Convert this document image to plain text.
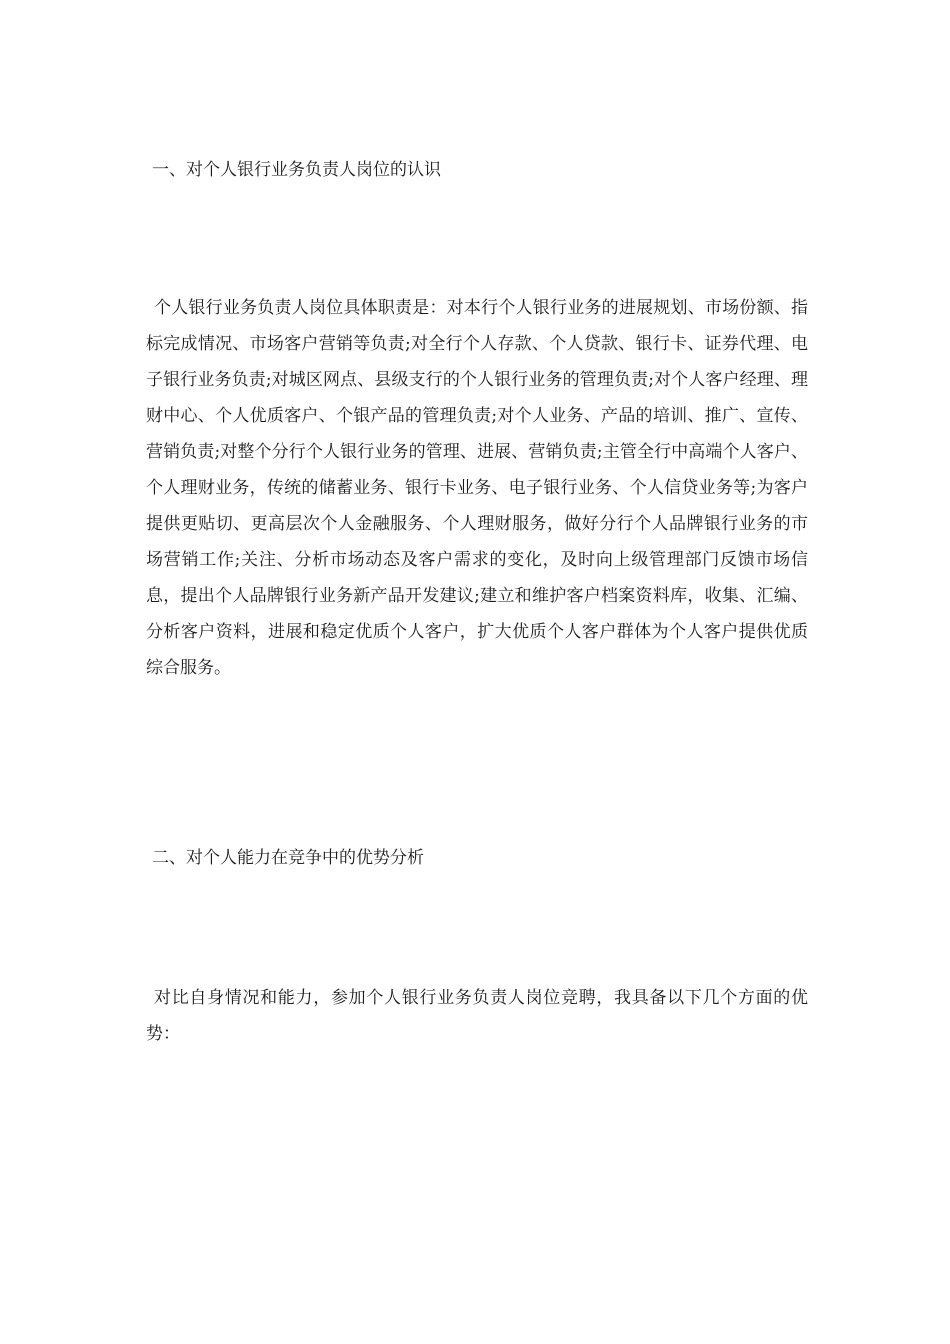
一、对个人银行业务负责人岗位的认识
个人银行业务负责人岗位具体职责是：对本行个人银行业务的进展规划、市场份额、指标完成情况、市场客户营销等负责;对全行个人存款、个人贷款、银行卡、证券代理、电子银行业务负责;对城区网点、县级支行的个人银行业务的管理负责;对个人客户经理、理财中心、个人优质客户、个银产品的管理负责;对个人业务、产品的培训、推广、宣传、营销负责;对整个分行个人银行业务的管理、进展、营销负责;主管全行中高端个人客户、个人理财业务，传统的储蓄业务、银行卡业务、电子银行业务、个人信贷业务等;为客户提供更贴切、更高层次个人金融服务、个人理财服务，做好分行个人品牌银行业务的市场营销工作;关注、分析市场动态及客户需求的变化，及时向上级管理部门反馈市场信息，提出个人品牌银行业务新产品开发建议;建立和维护客户档案资料库，收集、汇编、分析客户资料，进展和稳定优质个人客户，扩大优质个人客户群体为个人客户提供优质综合服务。
二、对个人能力在竞争中的优势分析
对比自身情况和能力，参加个人银行业务负责人岗位竞聘，我具备以下几个方面的优势：
